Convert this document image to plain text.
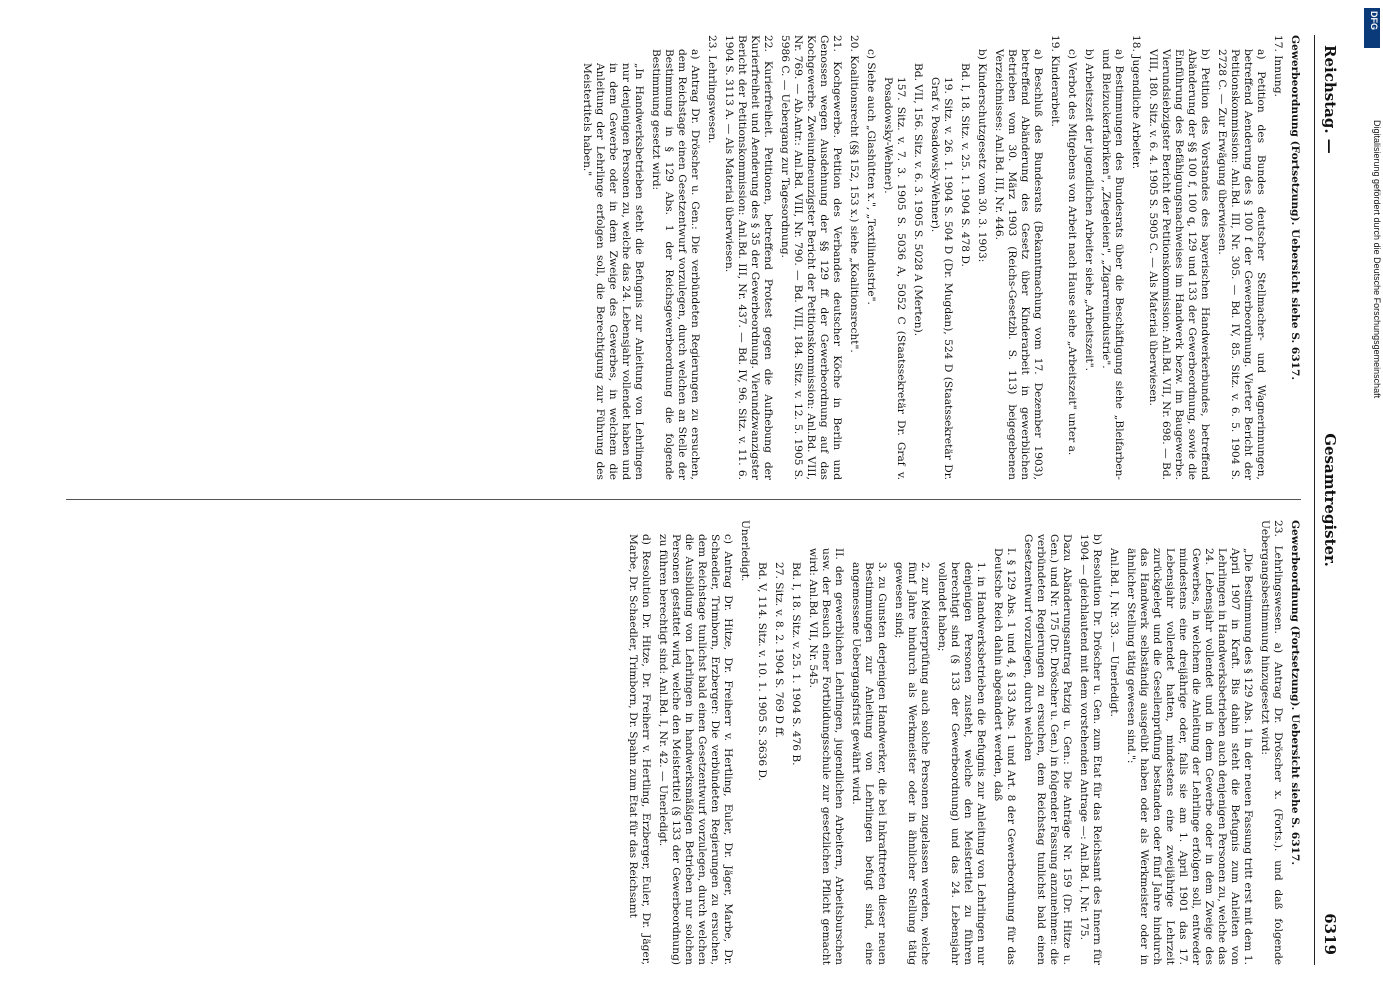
Reichstag. —
Gesamtregister.
6319

Gewerbeordnung (Fortsetzung). Uebersicht siehe S. 6317.

17. Innung.

a) Petition des Bundes deutscher Stellmacher- und Wagnerinnungen, betreffend Aenderung des § 100 f der Gewerbeordnung. Vierter Bericht der Petitionskommission: Anl.Bd. III, Nr. 305. — Bd. IV, 85. Sitz. v. 6. 5. 1904 S. 2728 C. — Zur Erwägung überwiesen.

b) Petition des Vorstandes des bayerischen Handwerkerbundes, betreffend Abänderung der §§ 100 f, 100 q, 129 und 133 der Gewerbeordnung, sowie die Einführung des Befähigungsnachweises im Handwerk bezw. im Baugewerbe. Vierundsiebzigster Bericht der Petitionskommission: Anl.Bd. VII, Nr. 698. — Bd. VIII, 180. Sitz. v. 6. 4. 1905 S. 5905 C. — Als Material überwiesen.

18. Jugendliche Arbeiter.

a) Bestimmungen des Bundesrats über die Beschäftigung siehe „Bleifarben- und Bleizuckerfabriken", „Ziegeleien", „Zigarrenindustrie".

b) Arbeitszeit der jugendlichen Arbeiter siehe „Arbeitszeit".

c) Verbot des Mitgebens von Arbeit nach Hause siehe „Arbeitszeit" unter a.

19. Kinderarbeit.

a) Beschluß des Bundesrats (Bekanntmachung vom 17. Dezember 1903), betreffend Abänderung des Gesetz über Kinderarbeit in gewerblichen Betrieben vom 30. März 1903 (Reichs-Gesetzbl. S. 113) beigegebenen Verzeichnisses: Anl.Bd. III, Nr. 446.

b) Kinderschutzgesetz vom 30. 3. 1903:

Bd. I, 18. Sitz. v. 25. 1. 1904 S. 478 D.

19. Sitz. v. 26. 1. 1904 S. 504 D (Dr. Mugdan), 524 D (Staatssekretär Dr. Graf v. Posadowsky-Wehner).

Bd. VII, 156. Sitz. v. 6. 3. 1905 S. 5028 A (Merten).

157. Sitz. v. 7. 3. 1905 S. 5036 A, 5052 C (Staatssekretär Dr. Graf v. Posadowsky-Wehner).

c) Siehe auch „Glashütten x.", „Textilindustrie".

20. Koalitionsrecht (§§ 152, 153 x.) siehe „Koalitionsrecht".

21. Kochgewerbe. Petition des Verbandes deutscher Köche in Berlin und Genossen wegen Ausdehnung der §§ 129 ff. der Gewerbeordnung auf das Kochgewerbe. Zweiundneunzigster Bericht der Petitionskommission: Anl.Bd. VIII, Nr. 769. — Ab.Antr.: Anl.Bd. VIII, Nr. 790. — Bd. VIII, 184. Sitz. v. 12. 5. 1905 S. 5986 C. — Uebergang zur Tagesordnung.

22. Kurierfreiheit. Petitionen, betreffend Protest gegen die Aufhebung der Kurierfreiheit und Aenderung des § 35 der Gewerbeordnung. Vierundzwanzigster Bericht der Petitionskommission: Anl.Bd. III, Nr. 437. — Bd. IV, 96. Sitz. v. 11. 6. 1904 S. 3113 A. — Als Material überwiesen.

23. Lehrlingswesen.

a) Antrag Dr. Dröscher u. Gen.: Die verbündeten Regierungen zu ersuchen, dem Reichstage einen Gesetzentwurf vorzulegen, durch welchen an Stelle der Bestimmung in § 129 Abs. 1 der Reichsgewerbeordnung die folgende Bestimmung gesetzt wird:

„In Handwerksbetrieben steht die Befugnis zur Anleitung von Lehrlingen nur denjenigen Personen zu, welche das 24. Lebensjahr vollendet haben und in dem Gewerbe oder in dem Zweige des Gewerbes, in welchem die Anleitung der Lehrlinge erfolgen soll, die Berechtigung zur Führung des Meistertitels haben."

Gewerbeordnung (Fortsetzung). Uebersicht siehe S. 6317.

23. Lehrlingswesen. a) Antrag Dr. Dröscher x. (Forts.). und daß folgende Uebergangsbestimmung hinzugesetzt wird:

„Die Bestimmung des § 129 Abs. 1 in der neuen Fassung tritt erst mit dem 1. April 1907 in Kraft. Bis dahin steht die Befugnis zum Anleiten von Lehrlingen in Handwerksbetrieben auch denjenigen Personen zu, welche das 24. Lebensjahr vollendet und in dem Gewerbe oder in dem Zweige des Gewerbes, in welchem die Anleitung der Lehrlinge erfolgen soll, entweder mindestens eine dreijährige oder, falls sie am 1. April 1901 das 17. Lebensjahr vollendet hatten, mindestens eine zweijährige Lehrzeit zurückgelegt und die Gesellenprüfung bestanden oder fünf Jahre hindurch das Handwerk selbständig ausgeübt haben oder als Werkmeister oder in ähnlicher Stellung tätig gewesen sind.":

Anl.Bd. I, Nr. 33. — Unerledigt.

b) Resolution Dr. Dröscher u. Gen. zum Etat für das Reichsamt des Innern für 1904 — gleichlautend mit dem vorstehenden Antrage —: Anl.Bd. I, Nr. 175.

Dazu Abänderungsantrag Patzig u. Gen.: Die Anträge Nr. 159 (Dr. Hitze u. Gen.) und Nr. 175 (Dr. Dröscher u. Gen.) in folgender Fassung anzunehmen: die verbündeten Regierungen zu ersuchen, dem Reichstag tunlichst bald einen Gesetzentwurf vorzulegen, durch welchen

I. § 129 Abs. 1 und 4, § 133 Abs. 1 und Art. 8 der Gewerbeordnung für das Deutsche Reich dahin abgeändert werden, daß

1. in Handwerksbetrieben die Befugnis zur Anleitung von Lehrlingen nur denjenigen Personen zusteht, welche den Meistertitel zu führen berechtigt sind (§ 133 der Gewerbeordnung) und das 24. Lebensjahr vollendet haben;

2. zur Meisterprüfung auch solche Personen zugelassen werden, welche fünf Jahre hindurch als Werkmeister oder in ähnlicher Stellung tätig gewesen sind;

3. zu Gunsten derjenigen Handwerker, die bei Inkrafttreten dieser neuen Bestimmungen zur Anleitung von Lehrlingen befugt sind, eine angemessene Uebergangsfrist gewährt wird.

II. den gewerblichen Lehrlingen, jugendlichen Arbeitern, Arbeitsburschen usw. der Besuch einer Fortbildungsschule zur gesetzlichen Pflicht gemacht wird: Anl.Bd. VII, Nr. 545.

Bd. I, 18. Sitz. v. 25. 1. 1904 S. 476 B.

27. Sitz. v. 8. 2. 1904 S. 769 D ff.

Bd. V, 114. Sitz. v. 10. 1. 1905 S. 3636 D.

Unerledigt.

c) Antrag Dr. Hitze, Dr. Freiherr v. Hertling, Euler, Dr. Jäger, Marbe, Dr. Schaedler, Trimborn, Erzberger: Die verbündeten Regierungen zu ersuchen, dem Reichstage tunlichst bald einen Gesetzentwurf vorzulegen, durch welchen die Ausbildung von Lehrlingen in handwerksmäßigen Betrieben nur solchen Personen gestattet wird, welche den Meistertitel (§ 133 der Gewerbeordnung) zu führen berechtigt sind: Anl.Bd. I, Nr. 42. — Unerledigt.

d) Resolution Dr. Hitze, Dr. Freiherr v. Hertling, Erzberger, Euler, Dr. Jäger, Marbe, Dr. Schaedler, Trimborn, Dr. Spahn zum Etat für das Reichsamt

DFG
Digitalisierung gefördert durch die Deutsche Forschungsgemeinschaft
